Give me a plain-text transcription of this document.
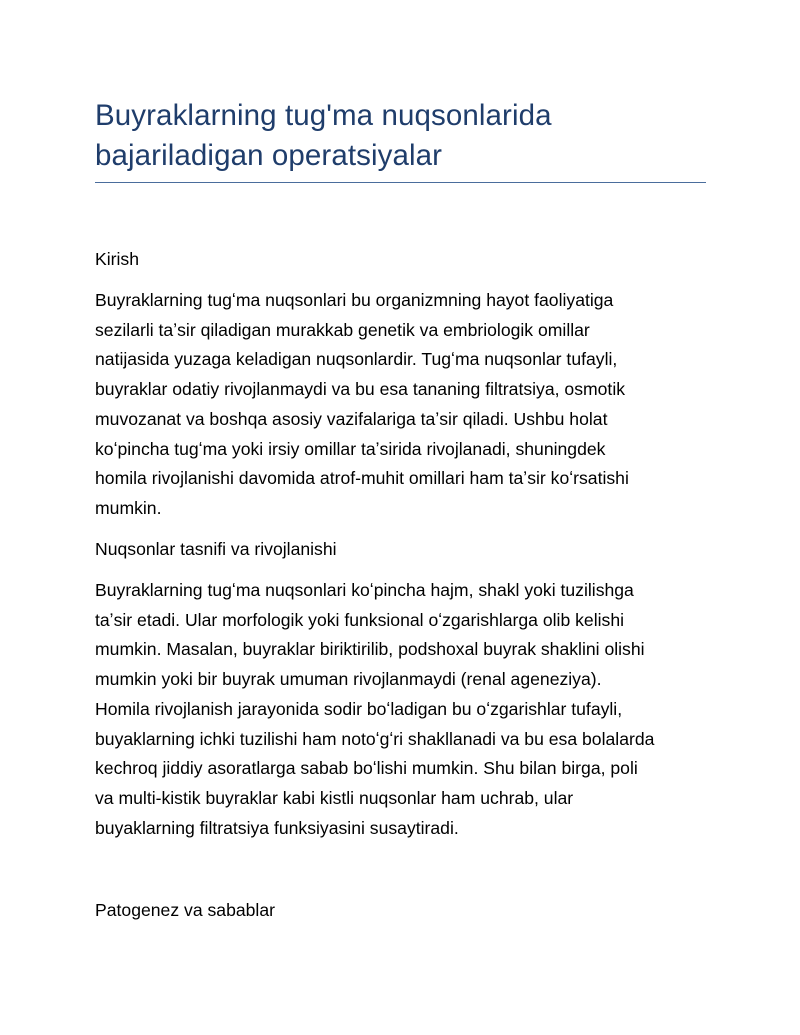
Buyraklarning tug'ma nuqsonlarida
bajariladigan operatsiyalar
Kirish

Buyraklarning tugʻma nuqsonlari bu organizmning hayot faoliyatiga
sezilarli taʼsir qiladigan murakkab genetik va embriologik omillar
natijasida yuzaga keladigan nuqsonlardir. Tugʻma nuqsonlar tufayli,
buyraklar odatiy rivojlanmaydi va bu esa tananing filtratsiya, osmotik
muvozanat va boshqa asosiy vazifalariga taʼsir qiladi. Ushbu holat
koʻpincha tugʻma yoki irsiy omillar taʼsirida rivojlanadi, shuningdek
homila rivojlanishi davomida atrof-muhit omillari ham taʼsir koʻrsatishi
mumkin.

Nuqsonlar tasnifi va rivojlanishi

Buyraklarning tugʻma nuqsonlari koʻpincha hajm, shakl yoki tuzilishga
taʼsir etadi. Ular morfologik yoki funksional oʻzgarishlarga olib kelishi
mumkin. Masalan, buyraklar biriktirilib, podshoxal buyrak shaklini olishi
mumkin yoki bir buyrak umuman rivojlanmaydi (renal ageneziya).
Homila rivojlanish jarayonida sodir boʻladigan bu oʻzgarishlar tufayli,
buyaklarning ichki tuzilishi ham notoʻgʻri shakllanadi va bu esa bolalarda
kechroq jiddiy asoratlarga sabab boʻlishi mumkin. Shu bilan birga, poli
va multi-kistik buyraklar kabi kistli nuqsonlar ham uchrab, ular
buyaklarning filtratsiya funksiyasini susaytiradi.

Patogenez va sabablar
